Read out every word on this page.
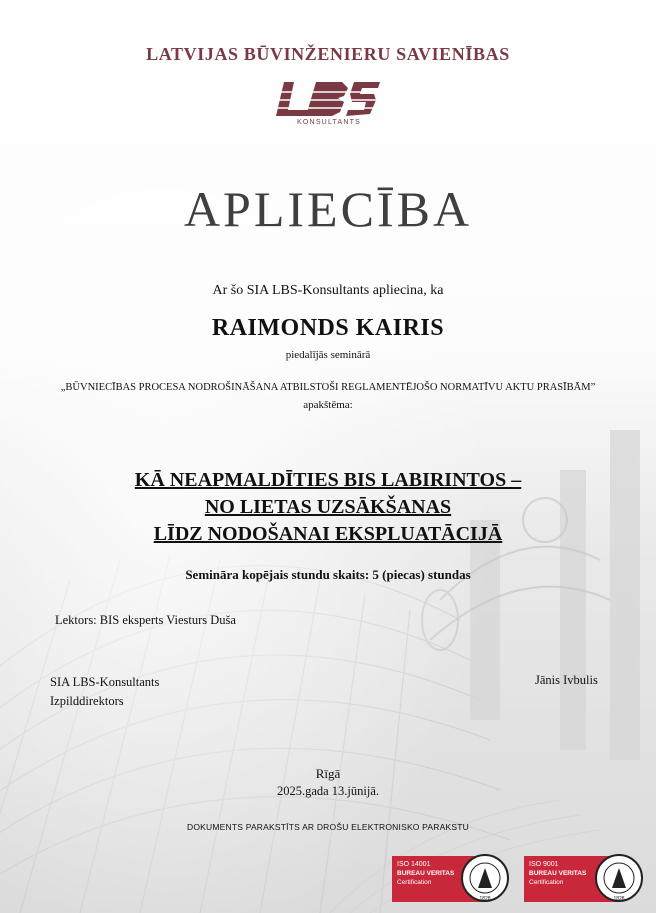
LATVIJAS BŪVINŽENIERU SAVIENĪBAS
KONSULTANTS
APLIECĪBA
Ar šo SIA LBS-Konsultants apliecina, ka
RAIMONDS KAIRIS
piedalījās seminārā
„BŪVNIECĪBAS PROCESA NODROŠINĀŠANA ATBILSTOŠI REGLAMENTĒJOŠO NORMATĪVU AKTU PRASĪBĀM”
apakštēma:
KĀ NEAPMALDĪTIES BIS LABIRINTOS –
NO LIETAS UZSĀKŠANAS
LĪDZ NODOŠANAI EKSPLUATĀCIJĀ
Semināra kopējais stundu skaits: 5 (piecas) stundas
Lektors: BIS eksperts Viesturs Duša
SIA LBS-Konsultants
Izpilddirektors
Jānis Ivbulis
Rīgā
2025.gada 13.jūnijā.
DOKUMENTS PARAKSTĪTS AR DROŠU ELEKTRONISKO PARAKSTU
ISO 14001
BUREAU VERITAS
Certification
1828
ISO 9001
BUREAU VERITAS
Certification
1828
